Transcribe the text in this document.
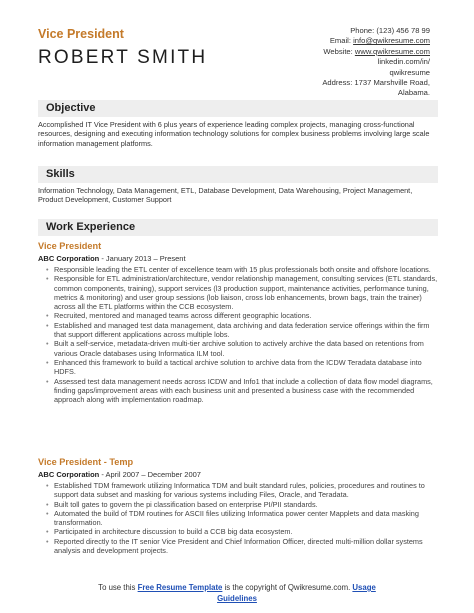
Vice President
ROBERT SMITH
Phone: (123) 456 78 99
Email: info@qwikresume.com
Website: www.qwikresume.com
linkedin.com/in/
qwikresume
Address: 1737 Marshville Road,
Alabama.
Objective
Accomplished IT Vice President with 6 plus years of experience leading complex projects, managing cross-functional resources, designing and executing information technology solutions for complex business problems involving large scale information management platforms.
Skills
Information Technology, Data Management, ETL, Database Development, Data Warehousing, Project Management, Product Development, Customer Support
Work Experience
Vice President
ABC Corporation - January 2013 – Present
• Responsible leading the ETL center of excellence team with 15 plus professionals both onsite and offshore locations.
• Responsible for ETL administration/architecture, vendor relationship management, consulting services (ETL standards, common components, training), support services (l3 production support, maintenance activities, performance tuning, metrics & monitoring) and user group sessions (lob liaison, cross lob enhancements, brown bags, train the trainer) across all the ETL platforms within the CCB ecosystem.
• Recruited, mentored and managed teams across different geographic locations.
• Established and managed test data management, data archiving and data federation service offerings within the firm that support different applications across multiple lobs.
• Built a self-service, metadata-driven multi-tier archive solution to actively archive the data based on retentions from various Oracle databases using Informatica ILM tool.
• Enhanced this framework to build a tactical archive solution to archive data from the ICDW Teradata database into HDFS.
• Assessed test data management needs across ICDW and Info1 that include a collection of data flow model diagrams, finding gaps/improvement areas with each business unit and presented a business case with the recommended approach along with implementation roadmap.
Vice President - Temp
ABC Corporation - April 2007 – December 2007
• Established TDM framework utilizing Informatica TDM and built standard rules, policies, procedures and routines to support data subset and masking for various systems including Files, Oracle, and Teradata.
• Built toll gates to govern the pi classification based on enterprise PI/PII standards.
• Automated the build of TDM routines for ASCII files utilizing Informatica power center Mapplets and data masking transformation.
• Participated in architecture discussion to build a CCB big data ecosystem.
• Reported directly to the IT senior Vice President and Chief Information Officer, directed multi-million dollar systems analysis and development projects.
To use this Free Resume Template is the copyright of Qwikresume.com. Usage
Guidelines
